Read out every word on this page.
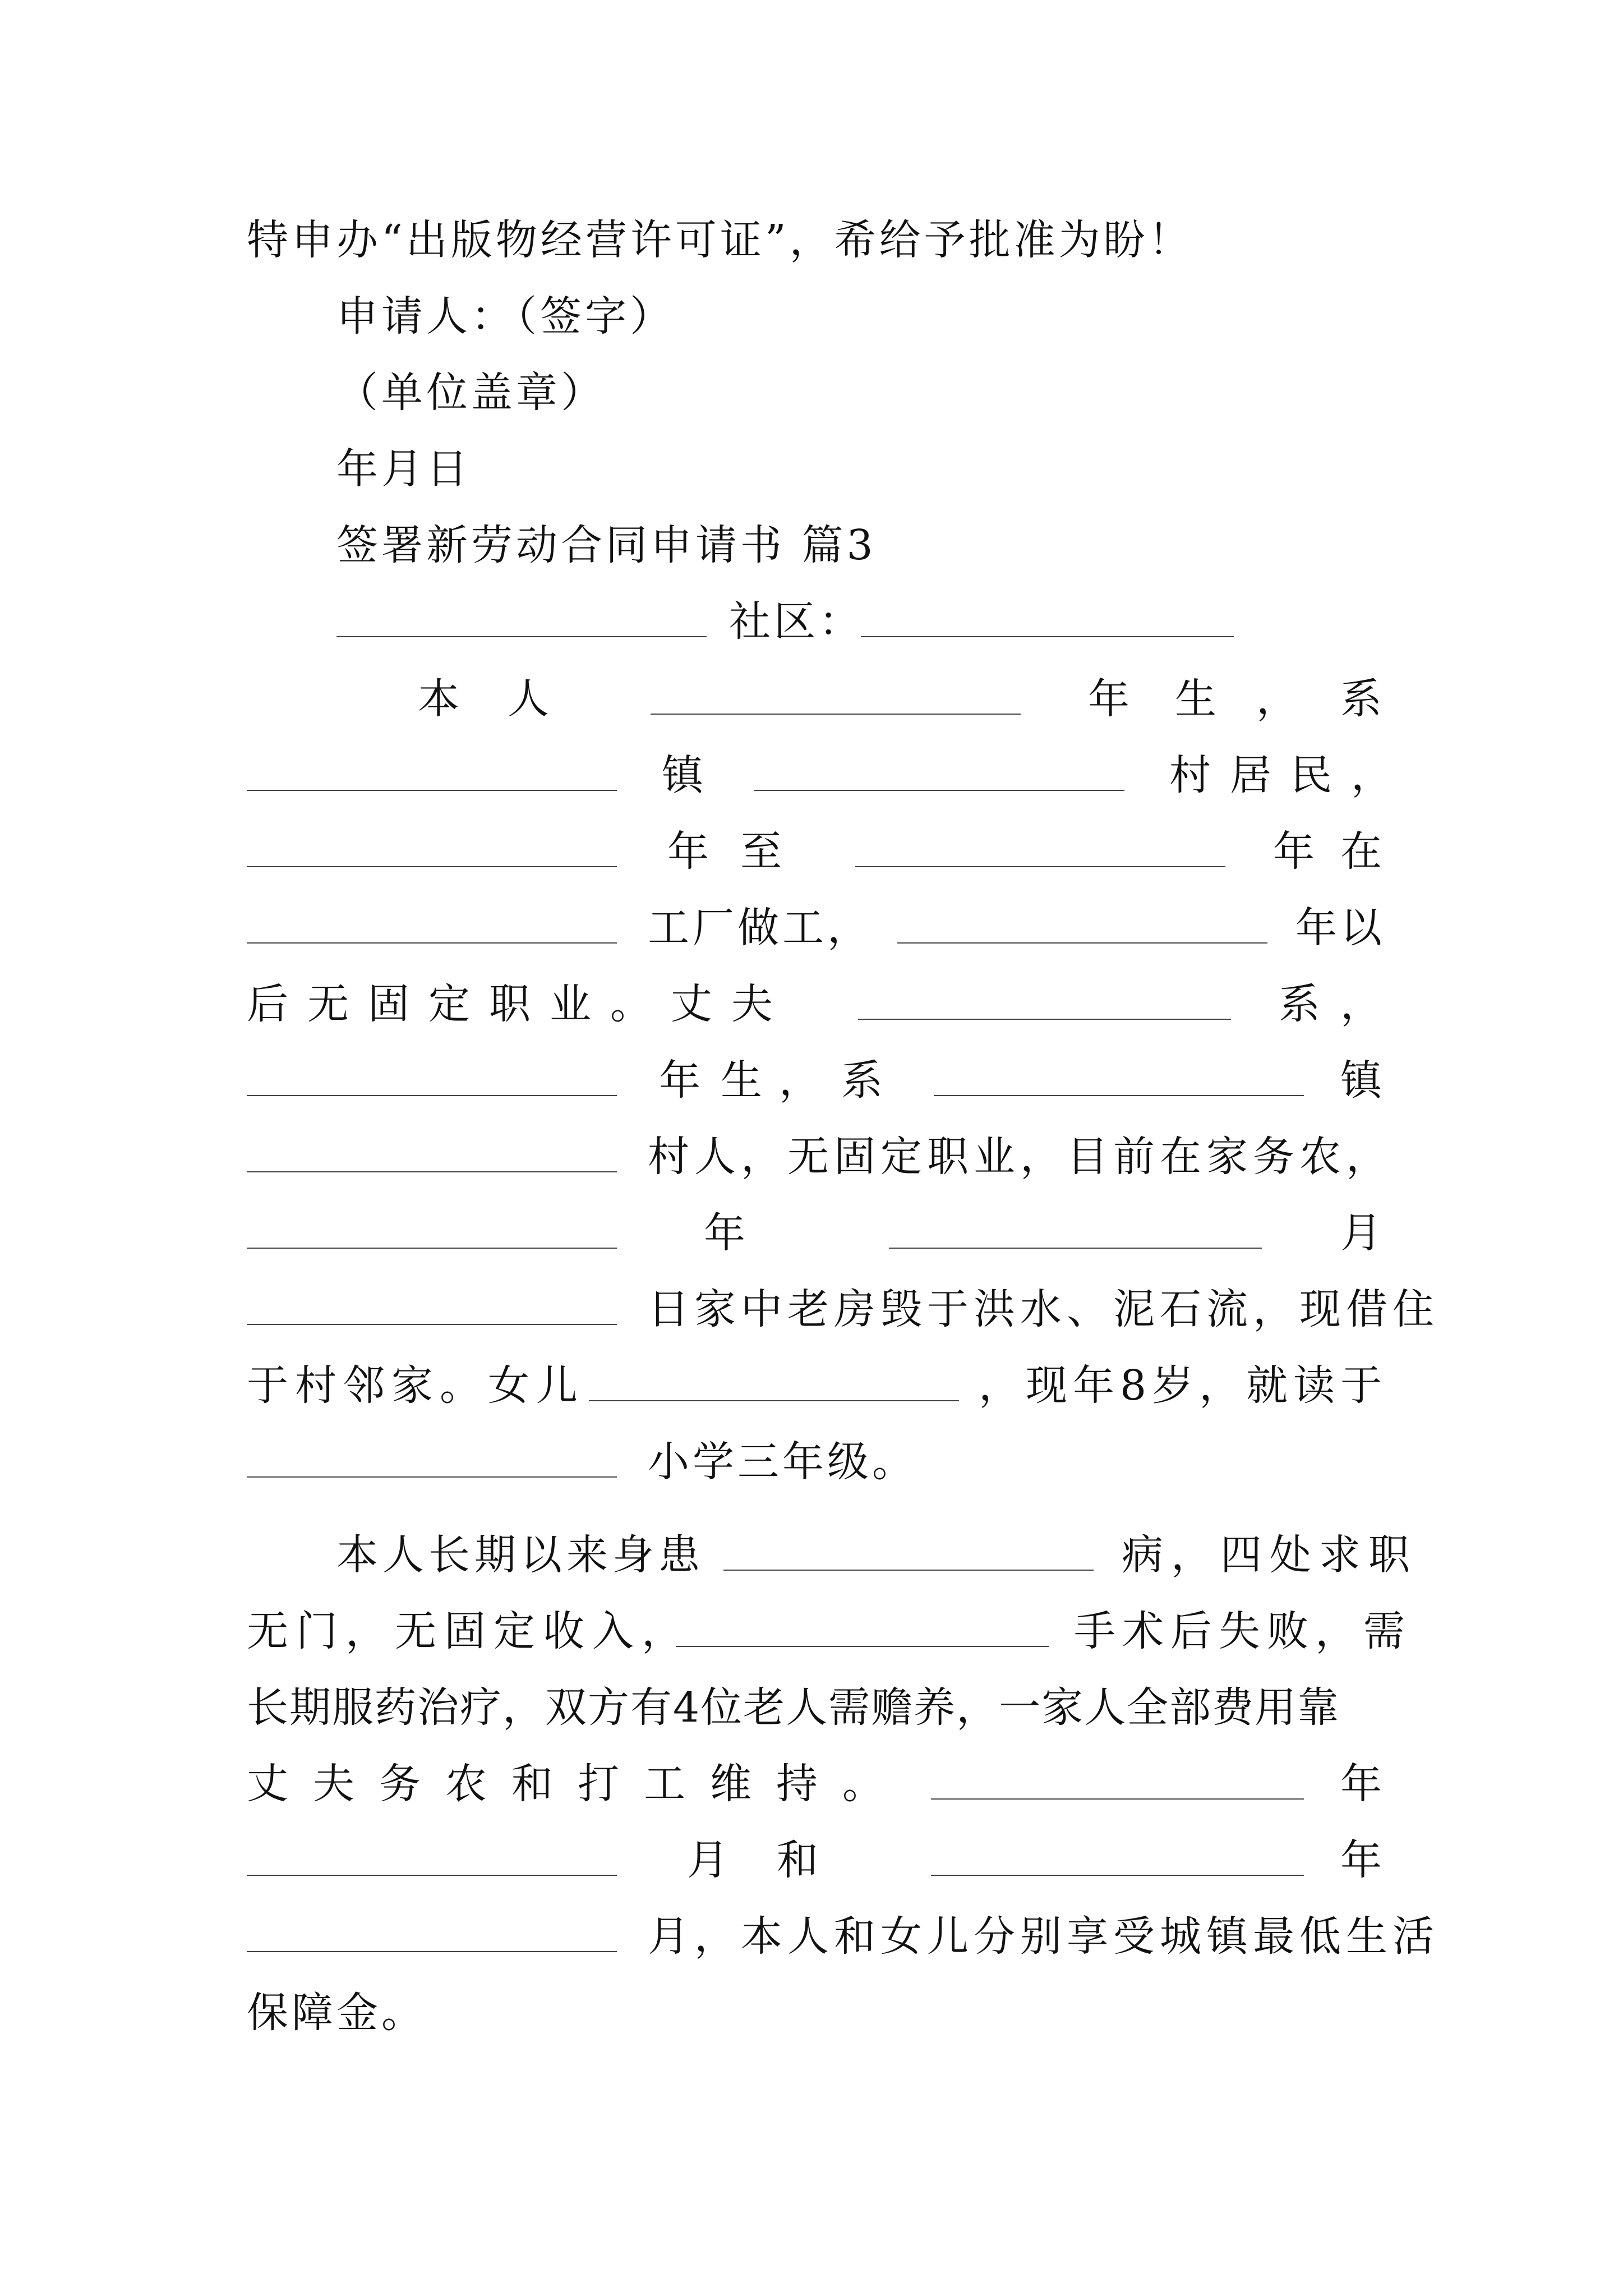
特申办“出版物经营许可证”，希给予批准为盼！
申请人：（签字）
（单位盖章）
年月日
签署新劳动合同申请书 篇3
社区：
本 人	年 生 ， 系
镇	村居民，
年 至	年 在
工厂做工，	年以
后无固定职业。丈夫	系，
年 生， 系	镇
村人，无固定职业，目前在家务农，
年	月
日家中老房毁于洪水、泥石流，现借住
于村邻家。女儿	，现年8岁，就读于
小学三年级。
本人长期以来身患	病，四处求职
无门，无固定收入，	手术后失败，需
长期服药治疗，双方有4位老人需赡养，一家人全部费用靠
丈夫务农和打工维持。	年
月 和	年
月，本人和女儿分别享受城镇最低生活
保障金。
